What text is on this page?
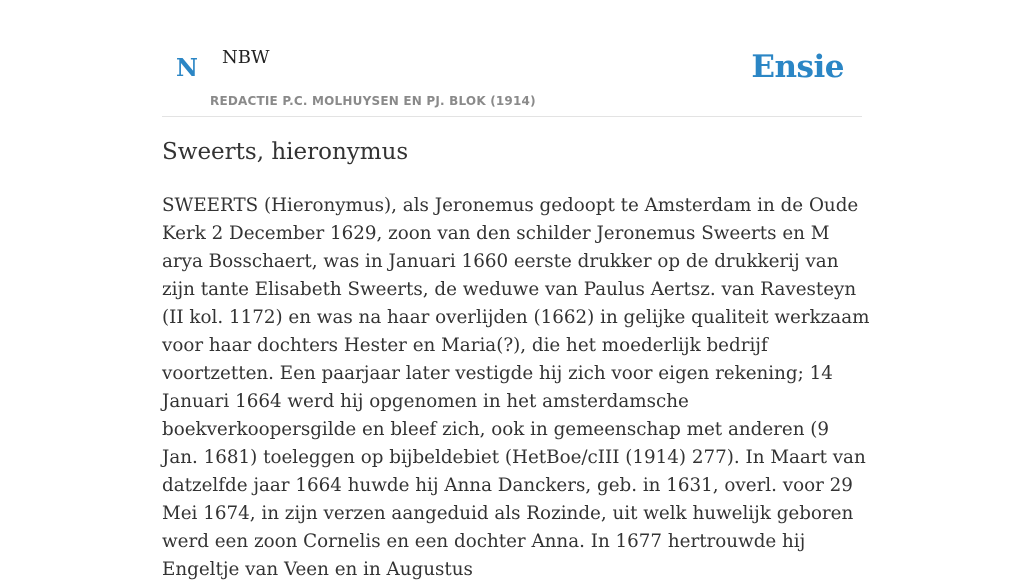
N NBW
REDACTIE P.C. MOLHUYSEN EN PJ. BLOK (1914)
Ensie
Sweerts, hieronymus

SWEERTS (Hieronymus), als Jeronemus gedoopt te Amsterdam in de Oude Kerk 2 December 1629, zoon van den schilder Jeronemus Sweerts en M arya Bosschaert, was in Januari 1660 eerste drukker op de drukkerij van zijn tante Elisabeth Sweerts, de weduwe van Paulus Aertsz. van Ravesteyn (II kol. 1172) en was na haar overlijden (1662) in gelijke qualiteit werkzaam voor haar dochters Hester en Maria(?), die het moederlijk bedrijf voortzetten. Een paarjaar later vestigde hij zich voor eigen rekening; 14 Januari 1664 werd hij opgenomen in het amsterdamsche boekverkoopersgilde en bleef zich, ook in gemeenschap met anderen (9 Jan. 1681) toeleggen op bijbeldebiet (HetBoe/cIII (1914) 277). In Maart van datzelfde jaar 1664 huwde hij Anna Danckers, geb. in 1631, overl. voor 29 Mei 1674, in zijn verzen aangeduid als Rozinde, uit welk huwelijk geboren werd een zoon Cornelis en een dochter Anna. In 1677 hertrouwde hij Engeltje van Veen en in Augustus
